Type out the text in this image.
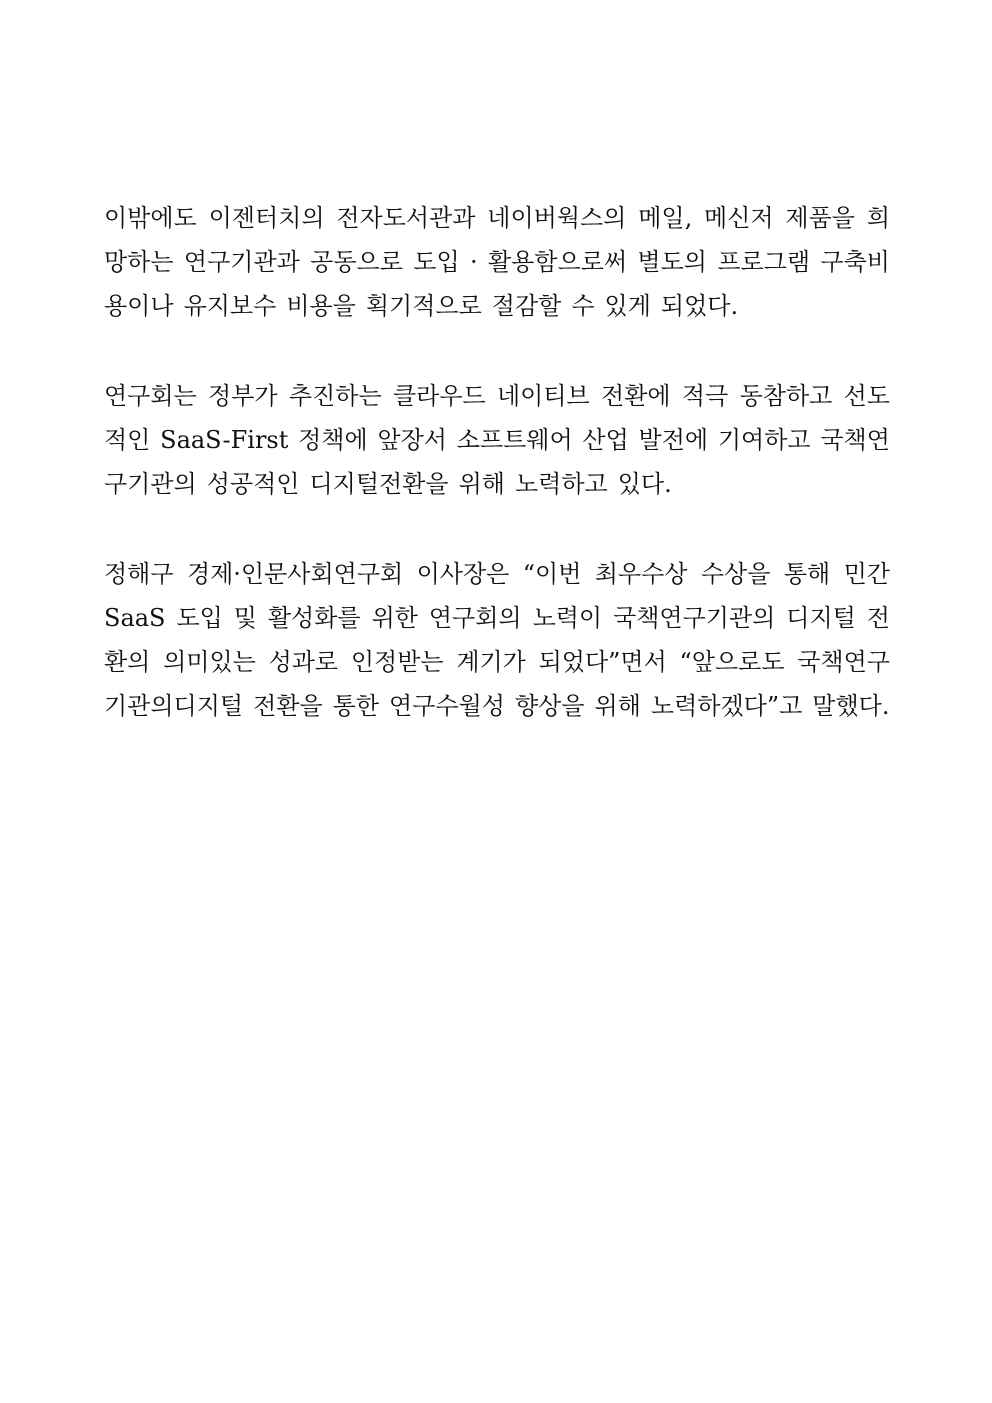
이밖에도 이젠터치의 전자도서관과 네이버웍스의 메일, 메신저 제품을 희
망하는 연구기관과 공동으로 도입 · 활용함으로써 별도의 프로그램 구축비
용이나 유지보수 비용을 획기적으로 절감할 수 있게 되었다.
연구회는 정부가 추진하는 클라우드 네이티브 전환에 적극 동참하고 선도
적인 SaaS-First 정책에 앞장서 소프트웨어 산업 발전에 기여하고 국책연
구기관의 성공적인 디지털전환을 위해 노력하고 있다.
정해구 경제·인문사회연구회 이사장은 “이번 최우수상 수상을 통해 민간
SaaS 도입 및 활성화를 위한 연구회의 노력이 국책연구기관의 디지털 전
환의 의미있는 성과로 인정받는 계기가 되었다”면서 “앞으로도 국책연구
기관의디지털 전환을 통한 연구수월성 향상을 위해 노력하겠다”고 말했다.
